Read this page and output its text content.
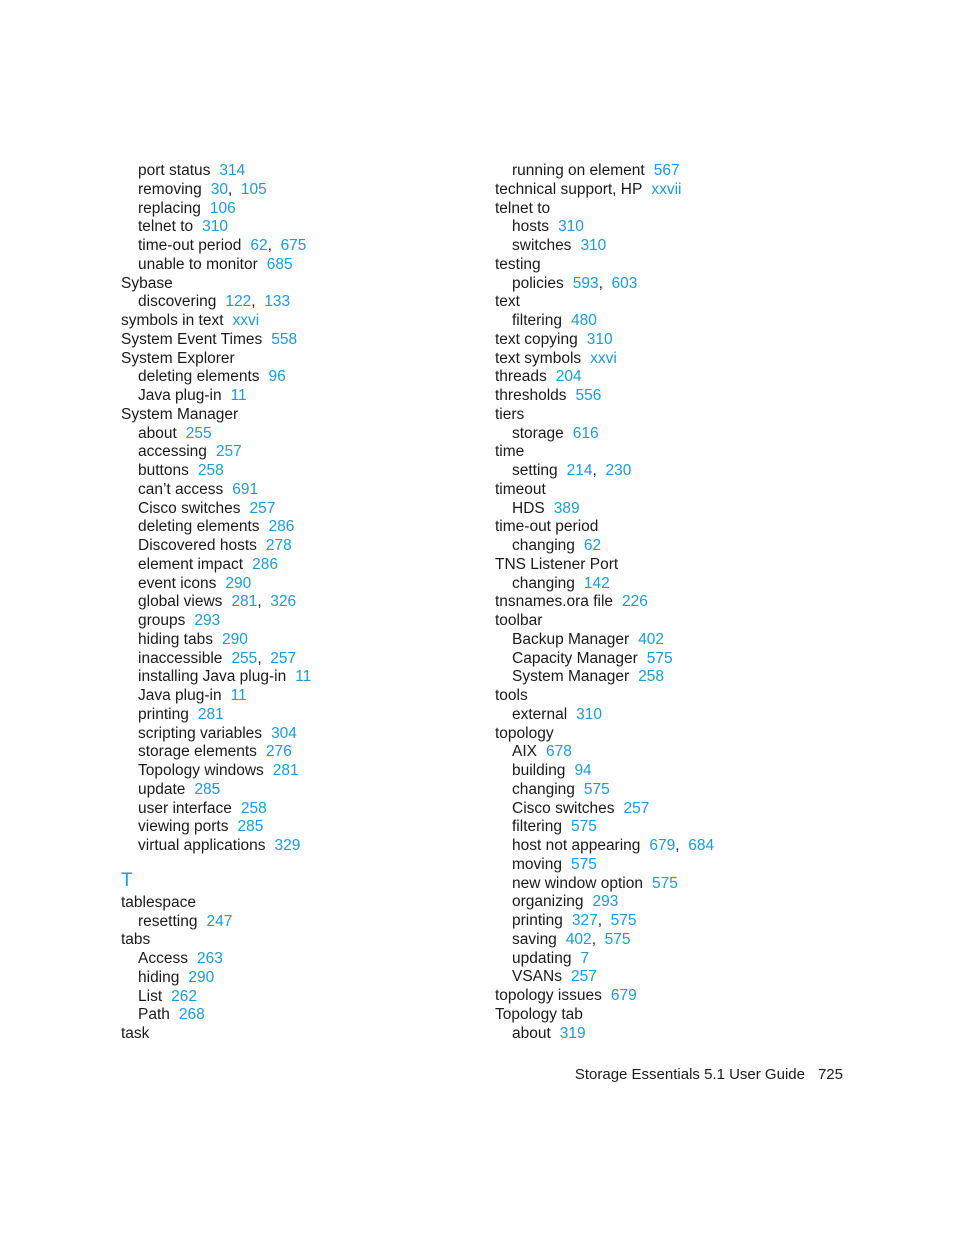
port status 314
removing 30,  105
replacing 106
telnet to 310
time-out period 62,  675
unable to monitor 685
Sybase
discovering 122,  133
symbols in text xxvi
System Event Times 558
System Explorer
deleting elements 96
Java plug-in 11
System Manager
about 255
accessing 257
buttons 258
can’t access 691
Cisco switches 257
deleting elements 286
Discovered hosts 278
element impact 286
event icons 290
global views 281,  326
groups 293
hiding tabs 290
inaccessible 255,  257
installing Java plug-in 11
Java plug-in 11
printing 281
scripting variables 304
storage elements 276
Topology windows 281
update 285
user interface 258
viewing ports 285
virtual applications 329
T
tablespace
resetting 247
tabs
Access 263
hiding 290
List 262
Path 268
task
running on element 567
technical support, HP xxvii
telnet to
hosts 310
switches 310
testing
policies 593,  603
text
filtering 480
text copying 310
text symbols xxvi
threads 204
thresholds 556
tiers
storage 616
time
setting 214,  230
timeout
HDS 389
time-out period
changing 62
TNS Listener Port
changing 142
tnsnames.ora file 226
toolbar
Backup Manager 402
Capacity Manager 575
System Manager 258
tools
external 310
topology
AIX 678
building 94
changing 575
Cisco switches 257
filtering 575
host not appearing 679,  684
moving 575
new window option 575
organizing 293
printing 327,  575
saving 402,  575
updating 7
VSANs 257
topology issues 679
Topology tab
about 319
Storage Essentials 5.1 User Guide 725
